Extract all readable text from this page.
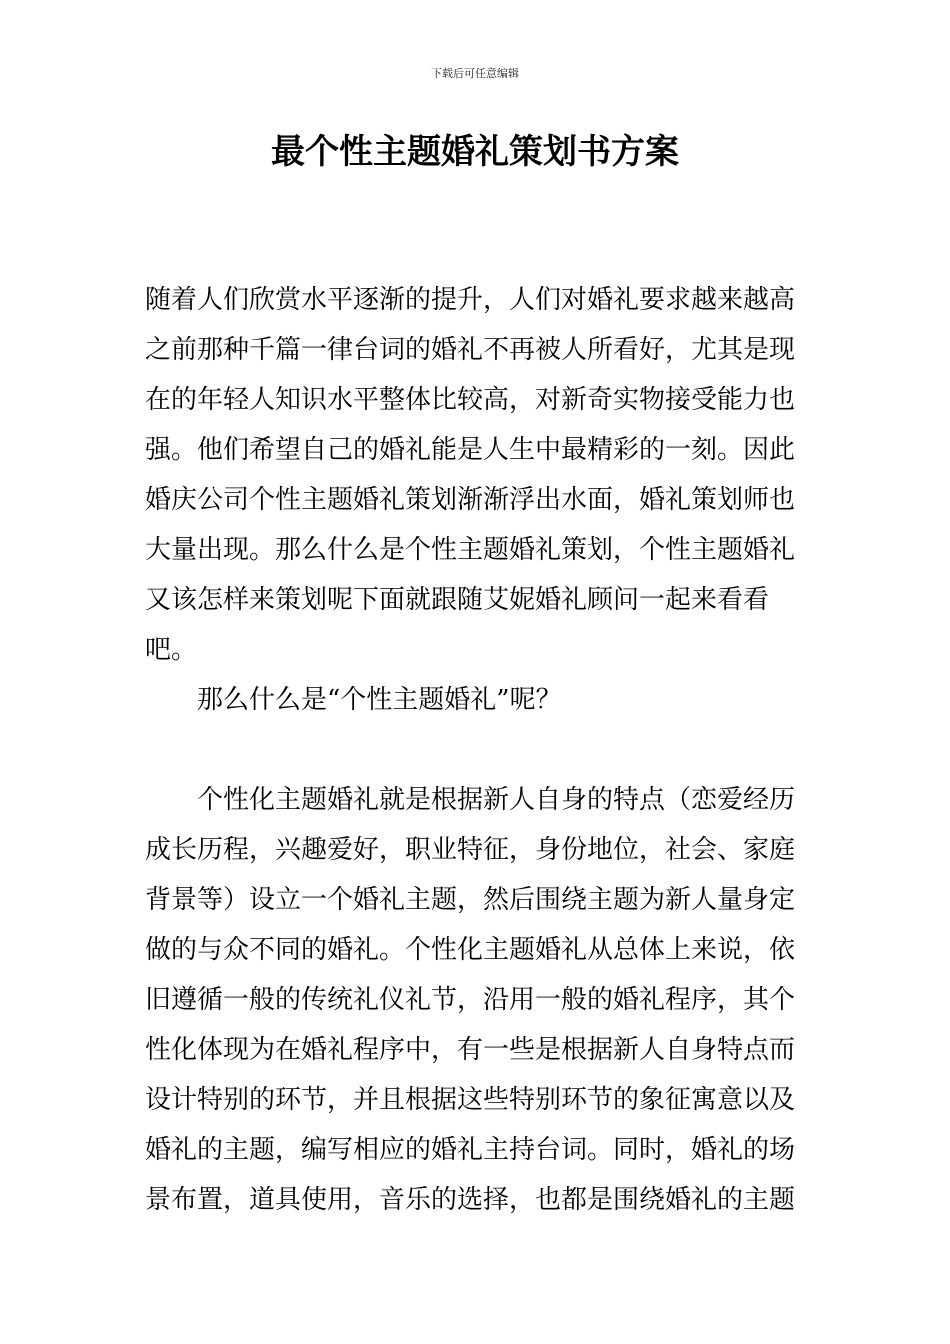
下载后可任意编辑
最个性主题婚礼策划书方案

随着人们欣赏水平逐渐的提升，人们对婚礼要求越来越高之前那种千篇一律台词的婚礼不再被人所看好，尤其是现在的年轻人知识水平整体比较高，对新奇实物接受能力也强。他们希望自己的婚礼能是人生中最精彩的一刻。因此婚庆公司个性主题婚礼策划渐渐浮出水面，婚礼策划师也大量出现。那么什么是个性主题婚礼策划，个性主题婚礼又该怎样来策划呢下面就跟随艾妮婚礼顾问一起来看看吧。

那么什么是“个性主题婚礼”呢？

个性化主题婚礼就是根据新人自身的特点（恋爱经历成长历程，兴趣爱好，职业特征，身份地位，社会、家庭背景等）设立一个婚礼主题，然后围绕主题为新人量身定做的与众不同的婚礼。个性化主题婚礼从总体上来说，依旧遵循一般的传统礼仪礼节，沿用一般的婚礼程序，其个性化体现为在婚礼程序中，有一些是根据新人自身特点而设计特别的环节，并且根据这些特别环节的象征寓意以及婚礼的主题，编写相应的婚礼主持台词。同时，婚礼的场景布置，道具使用，音乐的选择，也都是围绕婚礼的主题
